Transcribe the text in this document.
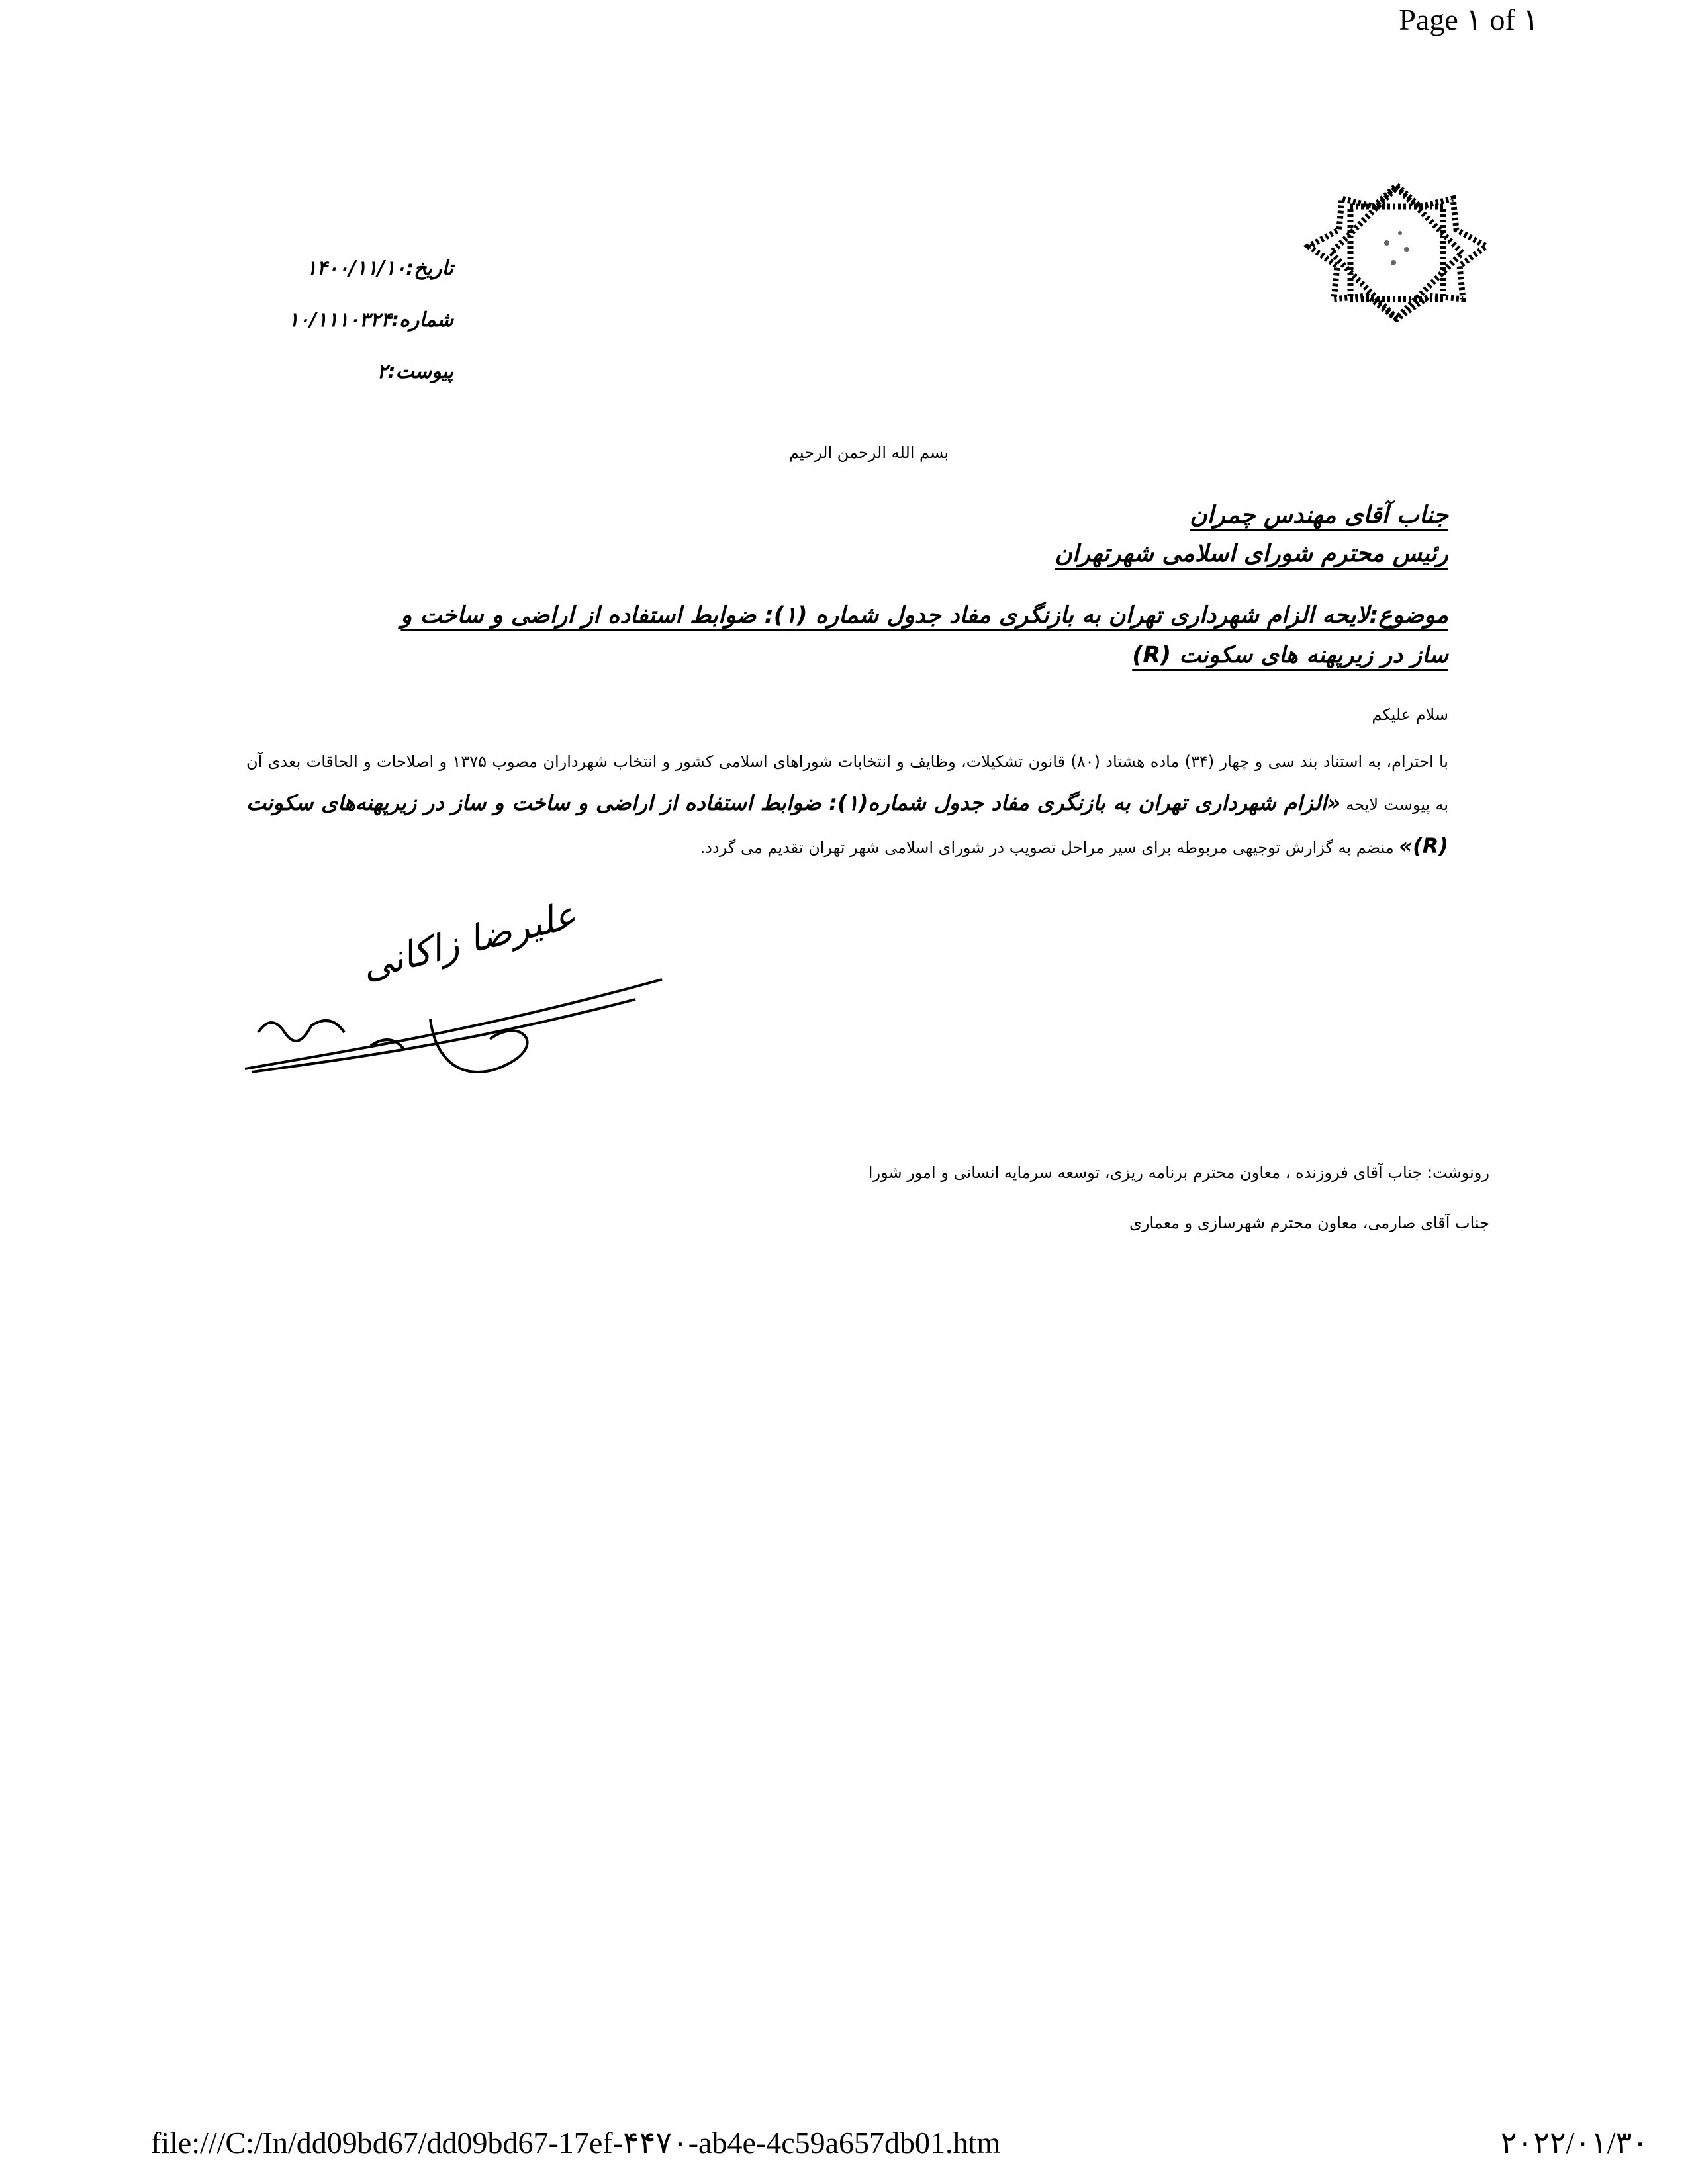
Page ١ of ١
تاریخ:۱۴۰۰/۱۱/۱۰
شماره:۱۰/۱۱۱۰۳۲۴
پیوست:۲
بسم الله الرحمن الرحیم
جناب آقای مهندس چمران
رئیس محترم شورای اسلامی شهرتهران
موضوع:لایحه الزام شهرداری تهران به بازنگری مفاد جدول شماره (۱): ضوابط استفاده از اراضی و ساخت و ساز در زیرپهنه های سکونت (R)
سلام علیکم
با احترام، به استناد بند سی و چهار (۳۴) ماده هشتاد (۸۰) قانون تشکیلات، وظایف و انتخابات شوراهای اسلامی کشور و انتخاب شهرداران مصوب ۱۳۷۵ و اصلاحات و الحاقات بعدی آن به پیوست لایحه «الزام شهرداری تهران به بازنگری مفاد جدول شماره(۱): ضوابط استفاده از اراضی و ساخت و ساز در زیرپهنه‌های سکونت (R)» منضم به گزارش توجیهی مربوطه برای سیر مراحل تصویب در شورای اسلامی شهر تهران تقدیم می گردد.
علیرضا زاکانی
رونوشت: جناب آقای فروزنده ، معاون محترم برنامه ریزی، توسعه سرمایه انسانی و امور شورا
جناب آقای صارمی، معاون محترم شهرسازی و معماری
file:///C:/In/dd09bd67/dd09bd67-17ef-۴۴۷۰-ab4e-4c59a657db01.htm	۲۰۲۲/۰۱/۳۰
